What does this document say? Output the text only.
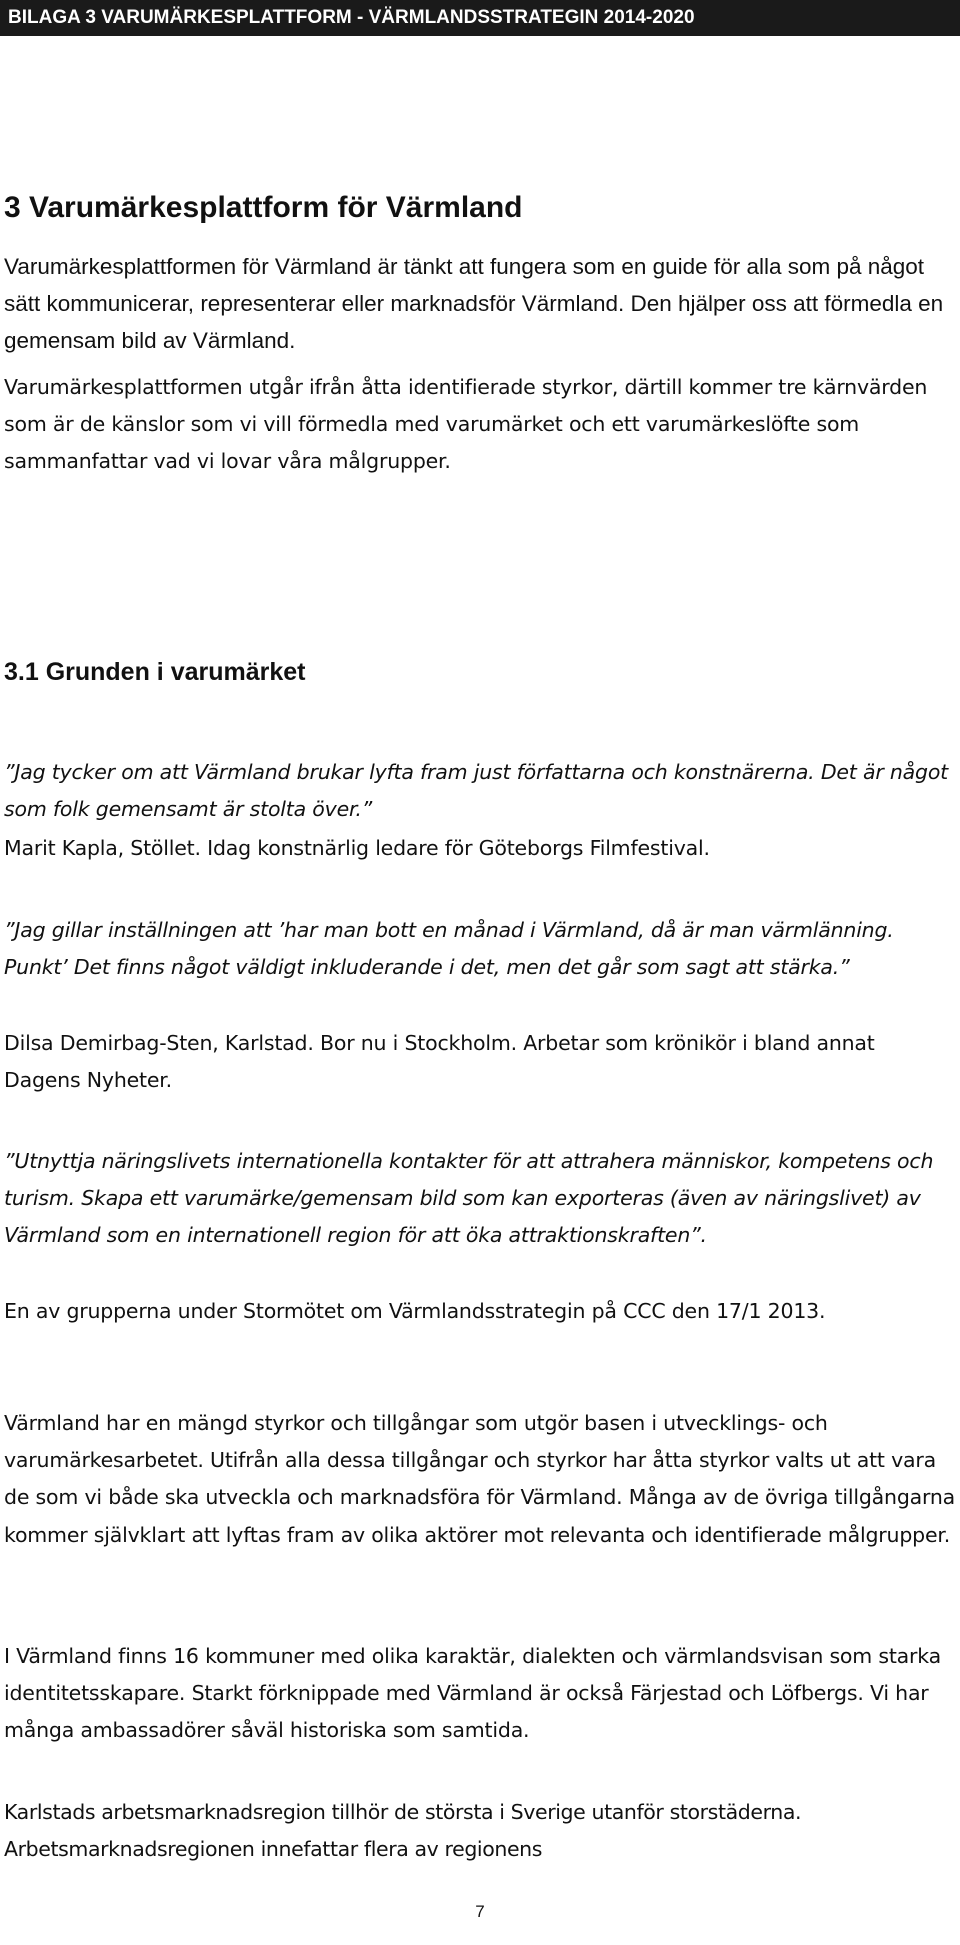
BILAGA 3 VARUMÄRKESPLATTFORM - VÄRMLANDSSTRATEGIN 2014-2020
3 Varumärkesplattform för Värmland

Varumärkesplattformen för Värmland är tänkt att fungera som en guide för alla som på något sätt kommunicerar, representerar eller marknadsför Värmland. Den hjälper oss att förmedla en gemensam bild av Värmland.

Varumärkesplattformen utgår ifrån åtta identifierade styrkor, därtill kommer tre kärnvärden som är de känslor som vi vill förmedla med varumärket och ett varumärkeslöfte som sammanfattar vad vi lovar våra målgrupper.

3.1 Grunden i varumärket

”Jag tycker om att Värmland brukar lyfta fram just författarna och konstnärerna. Det är något som folk gemensamt är stolta över.”

Marit Kapla, Stöllet. Idag konstnärlig ledare för Göteborgs Filmfestival.

”Jag gillar inställningen att ’har man bott en månad i Värmland, då är man värmlänning. Punkt’ Det finns något väldigt inkluderande i det, men det går som sagt att stärka.”

Dilsa Demirbag-Sten, Karlstad. Bor nu i Stockholm. Arbetar som krönikör i bland annat Dagens Nyheter.

”Utnyttja näringslivets internationella kontakter för att attrahera människor, kompetens och turism. Skapa ett varumärke/gemensam bild som kan exporteras (även av näringslivet) av Värmland som en internationell region för att öka attraktionskraften”.

En av grupperna under Stormötet om Värmlandsstrategin på CCC den 17/1 2013.

Värmland har en mängd styrkor och tillgångar som utgör basen i utvecklings- och varumärkesarbetet. Utifrån alla dessa tillgångar och styrkor har åtta styrkor valts ut att vara de som vi både ska utveckla och marknadsföra för Värmland. Många av de övriga tillgångarna kommer självklart att lyftas fram av olika aktörer mot relevanta och identifierade målgrupper.

I Värmland finns 16 kommuner med olika karaktär, dialekten och värmlandsvisan som starka identitetsskapare. Starkt förknippade med Värmland är också Färjestad och Löfbergs. Vi har många ambassadörer såväl historiska som samtida.

Karlstads arbetsmarknadsregion tillhör de största i Sverige utanför storstäderna. Arbetsmarknadsregionen innefattar flera av regionens

7
